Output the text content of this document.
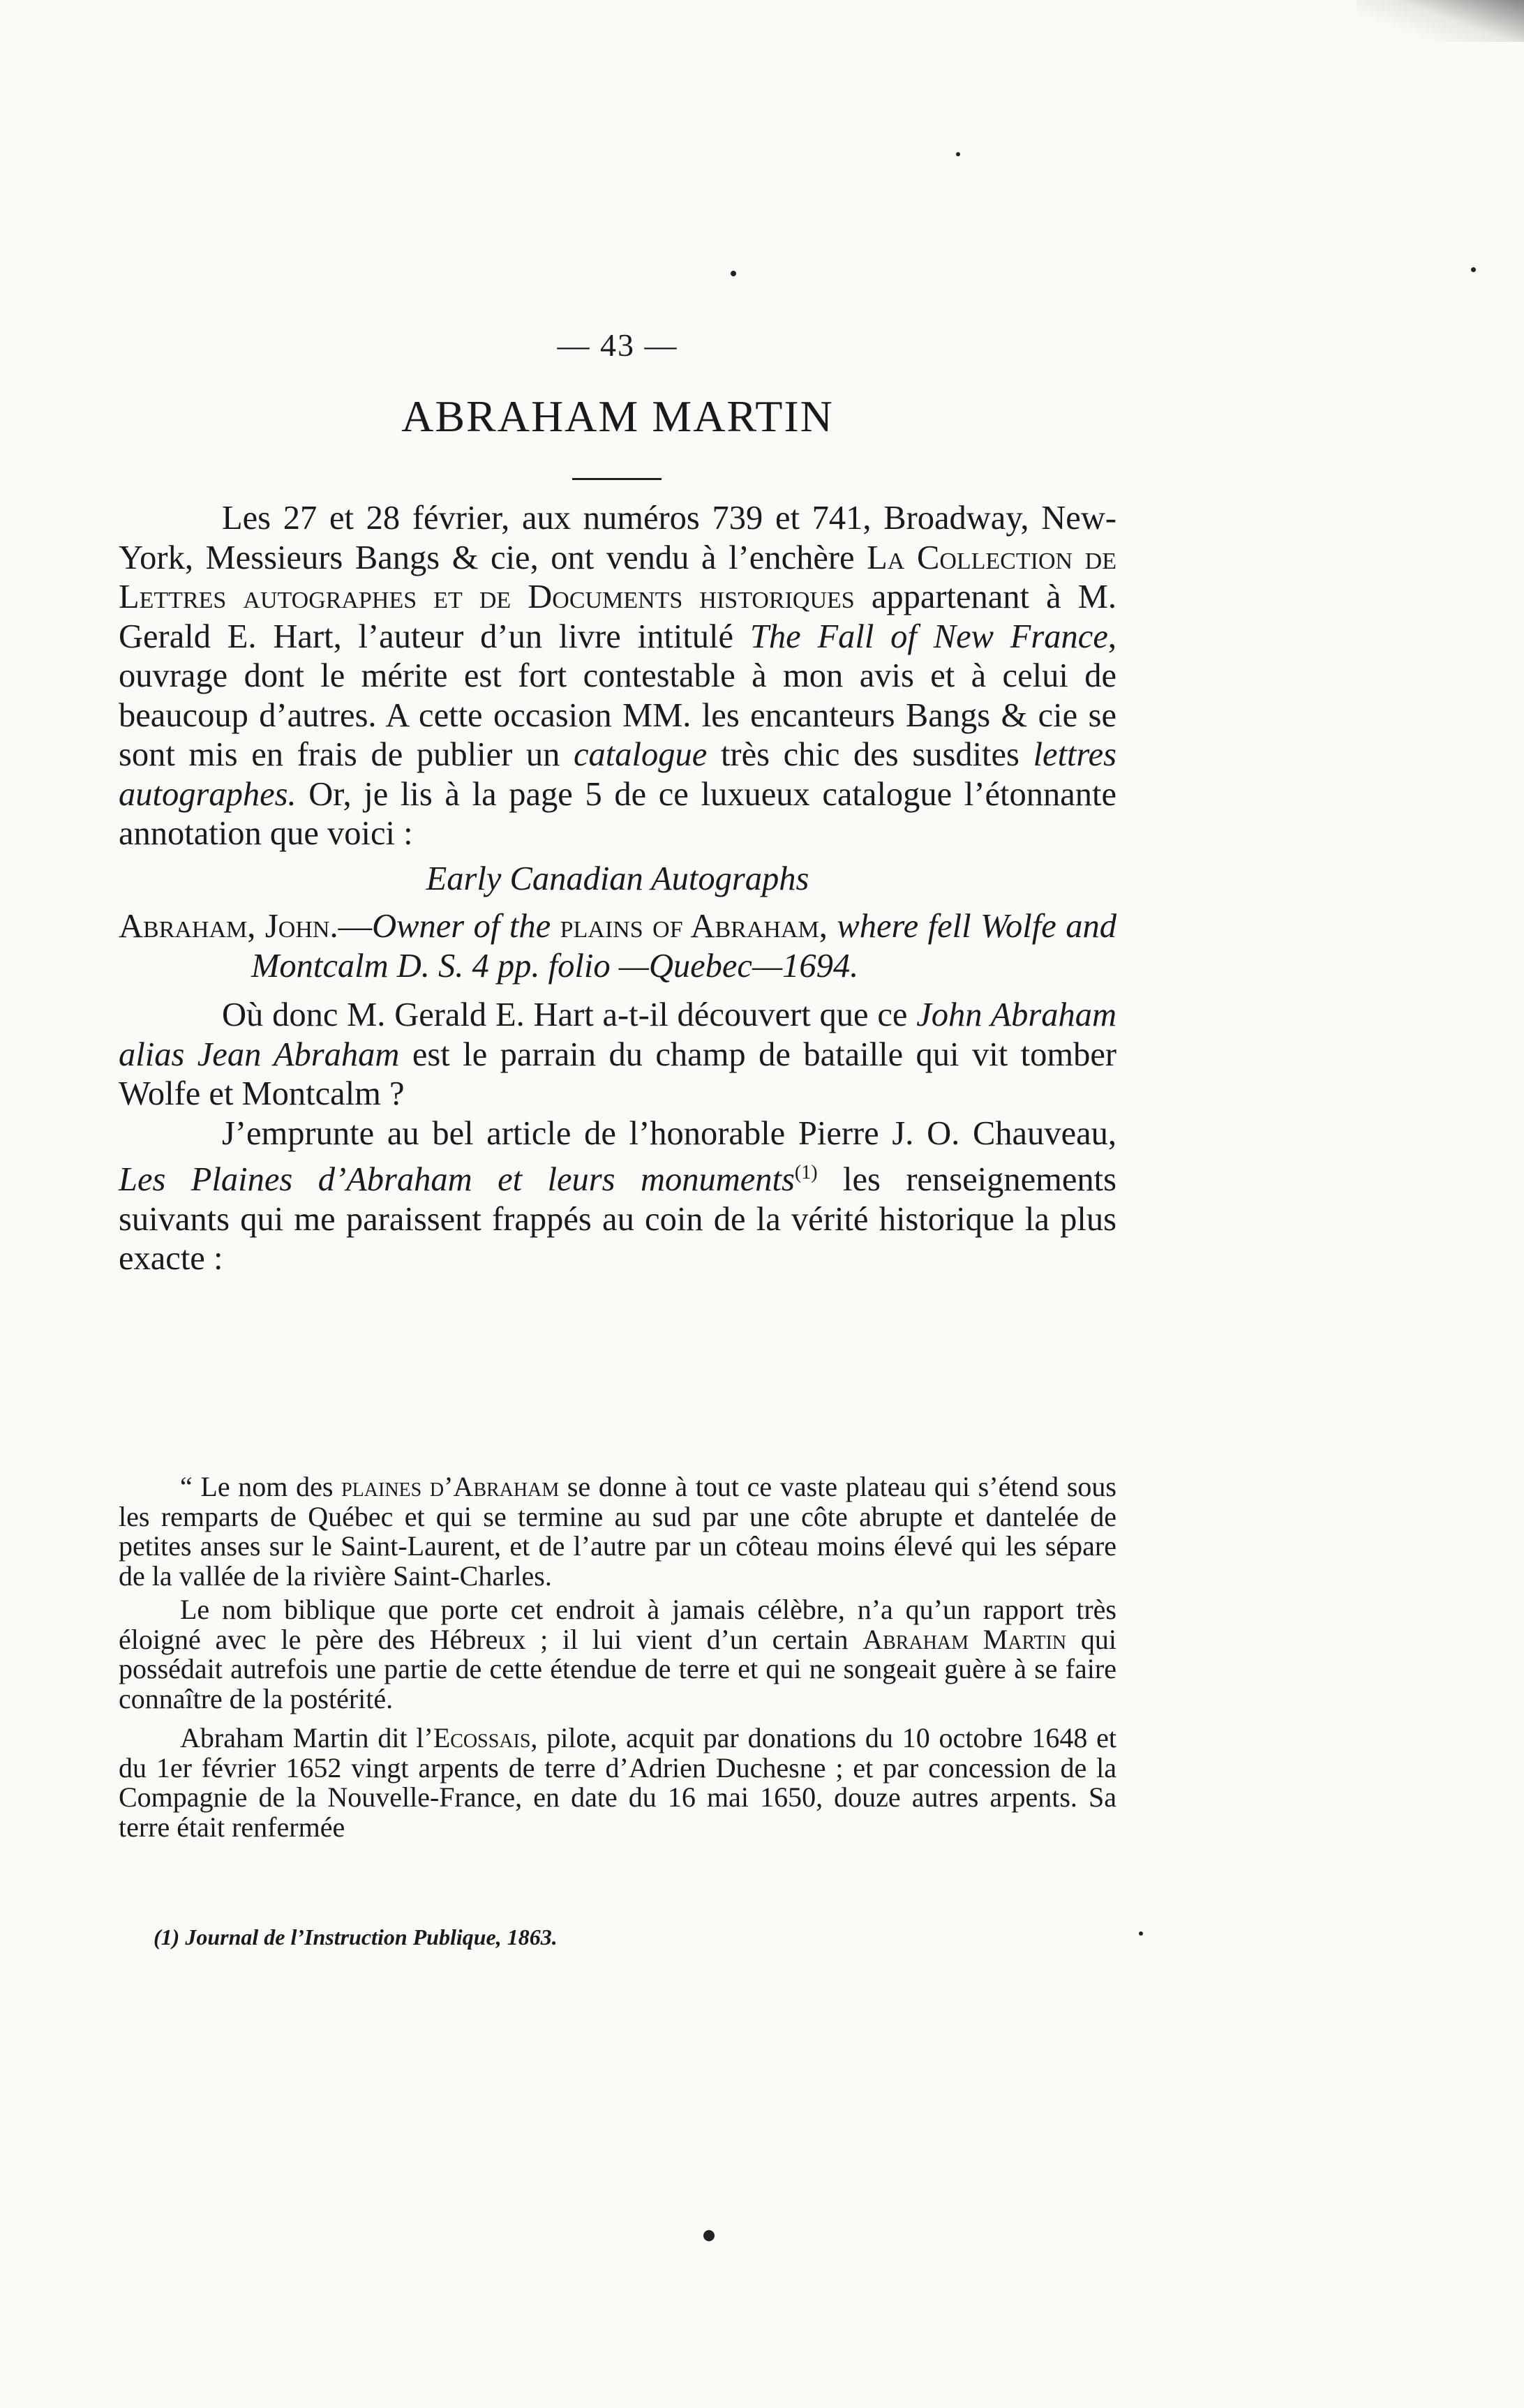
— 43 —
ABRAHAM MARTIN

Les 27 et 28 février, aux numéros 739 et 741, Broadway, New-York, Messieurs Bangs & cie, ont vendu à l’enchère La Collection de Lettres autographes et de Documents historiques appartenant à M. Gerald E. Hart, l’auteur d’un livre intitulé The Fall of New France, ouvrage dont le mérite est fort contestable à mon avis et à celui de beaucoup d’autres. A cette occasion MM. les encanteurs Bangs & cie se sont mis en frais de publier un catalogue très chic des susdites lettres autographes. Or, je lis à la page 5 de ce luxueux catalogue l’étonnante annotation que voici :

Early Canadian Autographs

Abraham, John.—Owner of the plains of Abraham, where fell Wolfe and Montcalm D. S. 4 pp. folio —Quebec—1694.

Où donc M. Gerald E. Hart a-t-il découvert que ce John Abraham alias Jean Abraham est le parrain du champ de bataille qui vit tomber Wolfe et Montcalm ?

J’emprunte au bel article de l’honorable Pierre J. O. Chauveau, Les Plaines d’Abraham et leurs monuments$^{(1)}$ les renseignements suivants qui me paraissent frappés au coin de la vérité historique la plus exacte :

“ Le nom des plaines d’Abraham se donne à tout ce vaste plateau qui s’étend sous les remparts de Québec et qui se termine au sud par une côte abrupte et dantelée de petites anses sur le Saint-Laurent, et de l’autre par un côteau moins élevé qui les sépare de la vallée de la rivière Saint-Charles.

Le nom biblique que porte cet endroit à jamais célèbre, n’a qu’un rapport très éloigné avec le père des Hébreux ; il lui vient d’un certain Abraham Martin qui possédait autrefois une partie de cette étendue de terre et qui ne songeait guère à se faire connaître de la postérité.

Abraham Martin dit l’Ecossais, pilote, acquit par donations du 10 octobre 1648 et du 1er février 1652 vingt arpents de terre d’Adrien Duchesne ; et par concession de la Compagnie de la Nouvelle-France, en date du 16 mai 1650, douze autres arpents. Sa terre était renfermée

(1) Journal de l’Instruction Publique, 1863.
